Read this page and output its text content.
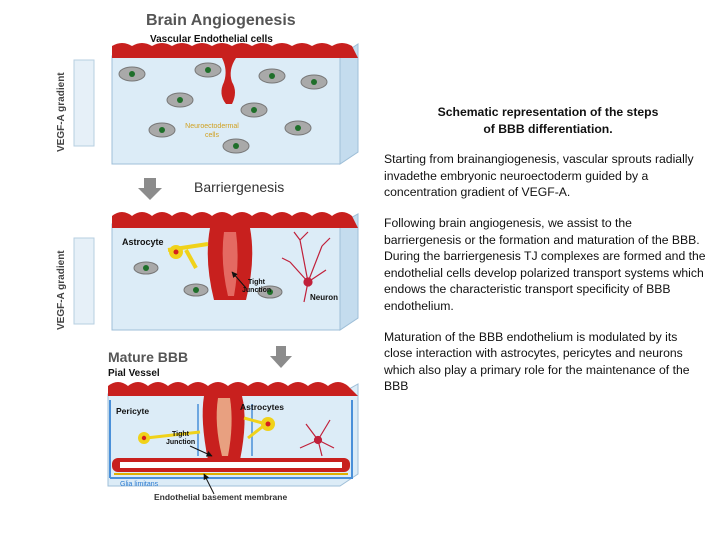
Brain Angiogenesis
VEGF-A gradient
Vascular Endothelial cells
Neuroectodermal
cells
Barriergenesis
VEGF-A gradient
Astrocyte
Tight
Junction
Neuron
Mature BBB
Pial Vessel
Pericyte	Astrocytes
Tight
Junction
Glia limitans
Endothelial basement membrane
Schematic representation of the steps
of BBB differentiation.

Starting from brainangiogenesis, vascular sprouts radially invadethe embryonic neuroectoderm guided by a concentration gradient of VEGF-A.

Following brain angiogenesis, we assist to the barriergenesis or the formation and maturation of the BBB. During the barriergenesis TJ complexes are formed and the endothelial cells develop polarized transport systems which endows the characteristic transport specificity of BBB endothelium.

Maturation of the BBB endothelium is modulated by its close interaction with astrocytes, pericytes and neurons which also play a primary role for the maintenance of the BBB
